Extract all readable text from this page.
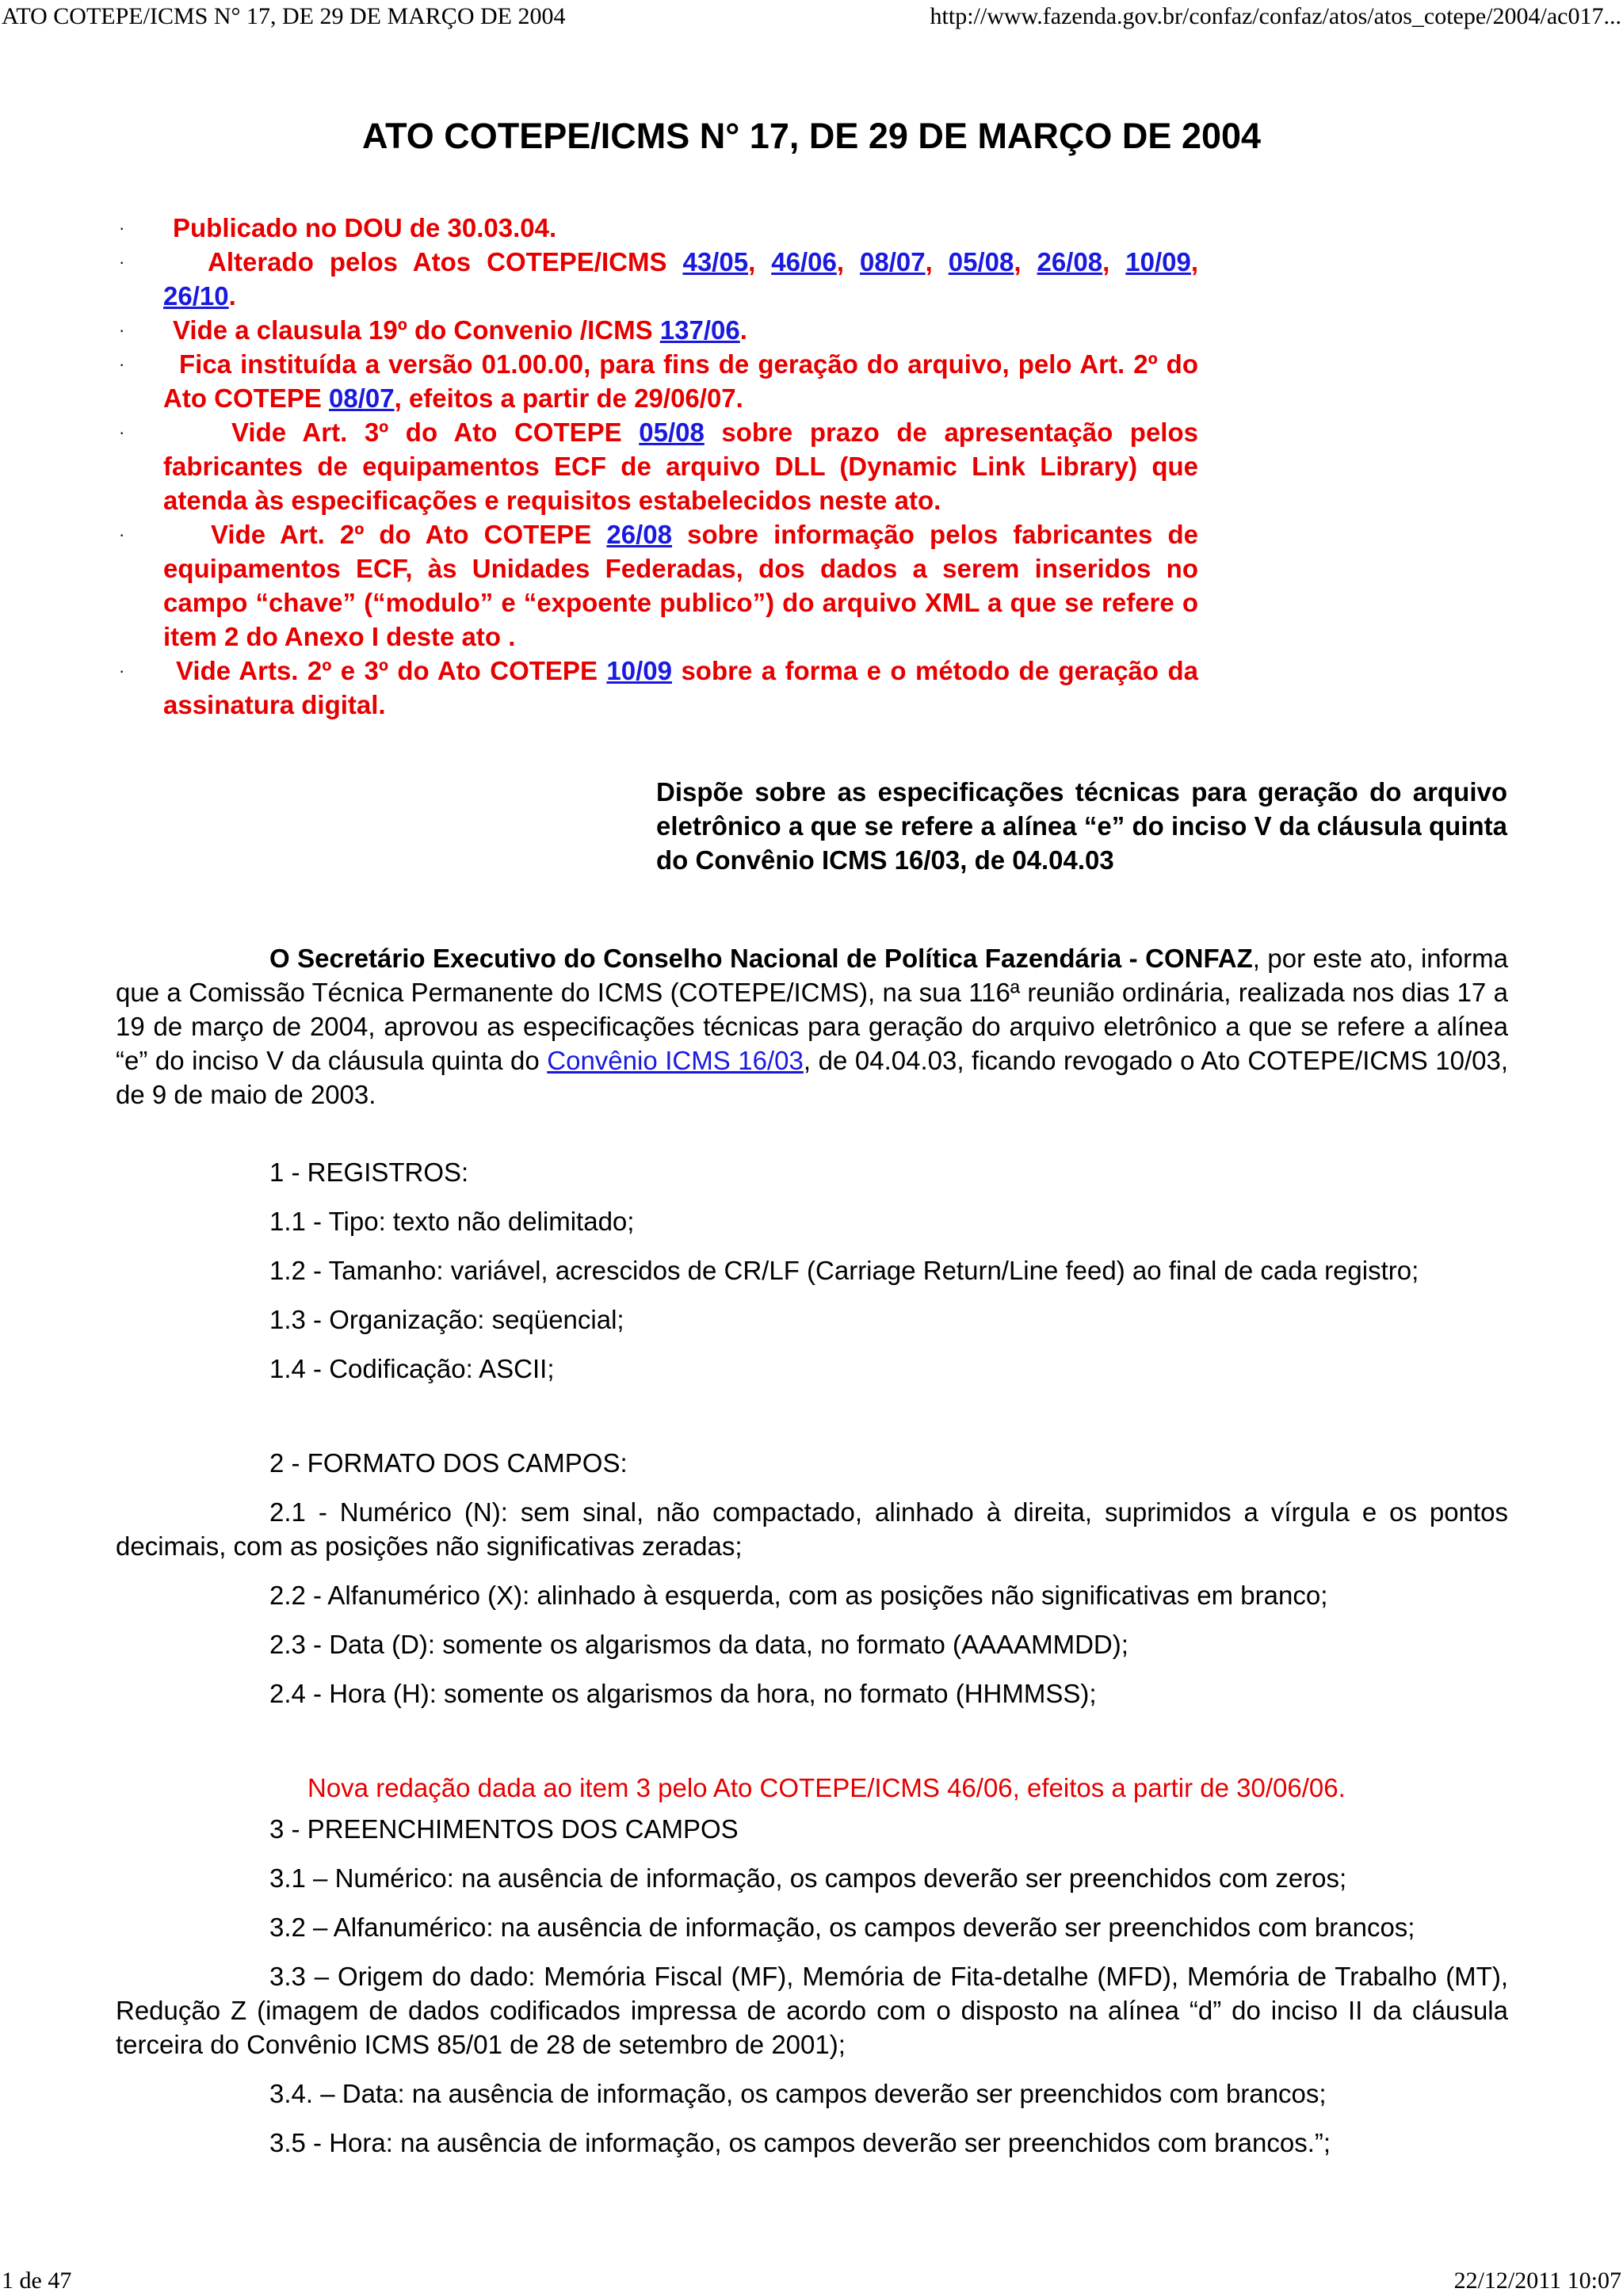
ATO COTEPE/ICMS N° 17, DE 29 DE MARÇO DE 2004	http://www.fazenda.gov.br/confaz/confaz/atos/atos_cotepe/2004/ac017...
ATO COTEPE/ICMS N° 17, DE 29 DE MARÇO DE 2004

· Publicado no DOU de 30.03.04.

·	Alterado pelos Atos COTEPE/ICMS 43/05, 46/06, 08/07, 05/08, 26/08, 10/09, 26/10.

· Vide a clausula 19º do Convenio /ICMS 137/06.

· Fica instituída a versão 01.00.00, para fins de geração do arquivo, pelo Art. 2º do Ato COTEPE 08/07, efeitos a partir de 29/06/07.

·	Vide Art. 3º do Ato COTEPE 05/08 sobre prazo de apresentação pelos fabricantes de equipamentos ECF de arquivo DLL (Dynamic Link Library) que atenda às especificações e requisitos estabelecidos neste ato.

·	Vide Art. 2º do Ato COTEPE 26/08 sobre informação pelos fabricantes de equipamentos ECF, às Unidades Federadas, dos dados a serem inseridos no campo “chave” (“modulo” e “expoente publico”) do arquivo XML a que se refere o item 2 do Anexo I deste ato .

· Vide Arts. 2º e 3º do Ato COTEPE 10/09 sobre a forma e o método de geração da assinatura digital.

Dispõe sobre as especificações técnicas para geração do arquivo eletrônico a que se refere a alínea “e” do inciso V da cláusula quinta do Convênio ICMS 16/03, de 04.04.03

O Secretário Executivo do Conselho Nacional de Política Fazendária - CONFAZ, por este ato, informa que a Comissão Técnica Permanente do ICMS (COTEPE/ICMS), na sua 116ª reunião ordinária, realizada nos dias 17 a 19 de março de 2004, aprovou as especificações técnicas para geração do arquivo eletrônico a que se refere a alínea “e” do inciso V da cláusula quinta do Convênio ICMS 16/03, de 04.04.03, ficando revogado o Ato COTEPE/ICMS 10/03, de 9 de maio de 2003.

1 - REGISTROS:

1.1 - Tipo: texto não delimitado;

1.2 - Tamanho: variável, acrescidos de CR/LF (Carriage Return/Line feed) ao final de cada registro;

1.3 - Organização: seqüencial;

1.4 - Codificação: ASCII;

2 - FORMATO DOS CAMPOS:

2.1 - Numérico (N): sem sinal, não compactado, alinhado à direita, suprimidos a vírgula e os pontos decimais, com as posições não significativas zeradas;

2.2 - Alfanumérico (X): alinhado à esquerda, com as posições não significativas em branco;

2.3 - Data (D): somente os algarismos da data, no formato (AAAAMMDD);

2.4 - Hora (H): somente os algarismos da hora, no formato (HHMMSS);

Nova redação dada ao item 3 pelo Ato COTEPE/ICMS 46/06, efeitos a partir de 30/06/06.

3 - PREENCHIMENTOS DOS CAMPOS

3.1 – Numérico: na ausência de informação, os campos deverão ser preenchidos com zeros;

3.2 – Alfanumérico: na ausência de informação, os campos deverão ser preenchidos com brancos;

3.3 – Origem do dado: Memória Fiscal (MF), Memória de Fita-detalhe (MFD), Memória de Trabalho (MT), Redução Z (imagem de dados codificados impressa de acordo com o disposto na alínea “d” do inciso II da cláusula terceira do Convênio ICMS 85/01 de 28 de setembro de 2001);

3.4. – Data: na ausência de informação, os campos deverão ser preenchidos com brancos;

3.5 - Hora: na ausência de informação, os campos deverão ser preenchidos com brancos.”;

1 de 47	22/12/2011 10:07
